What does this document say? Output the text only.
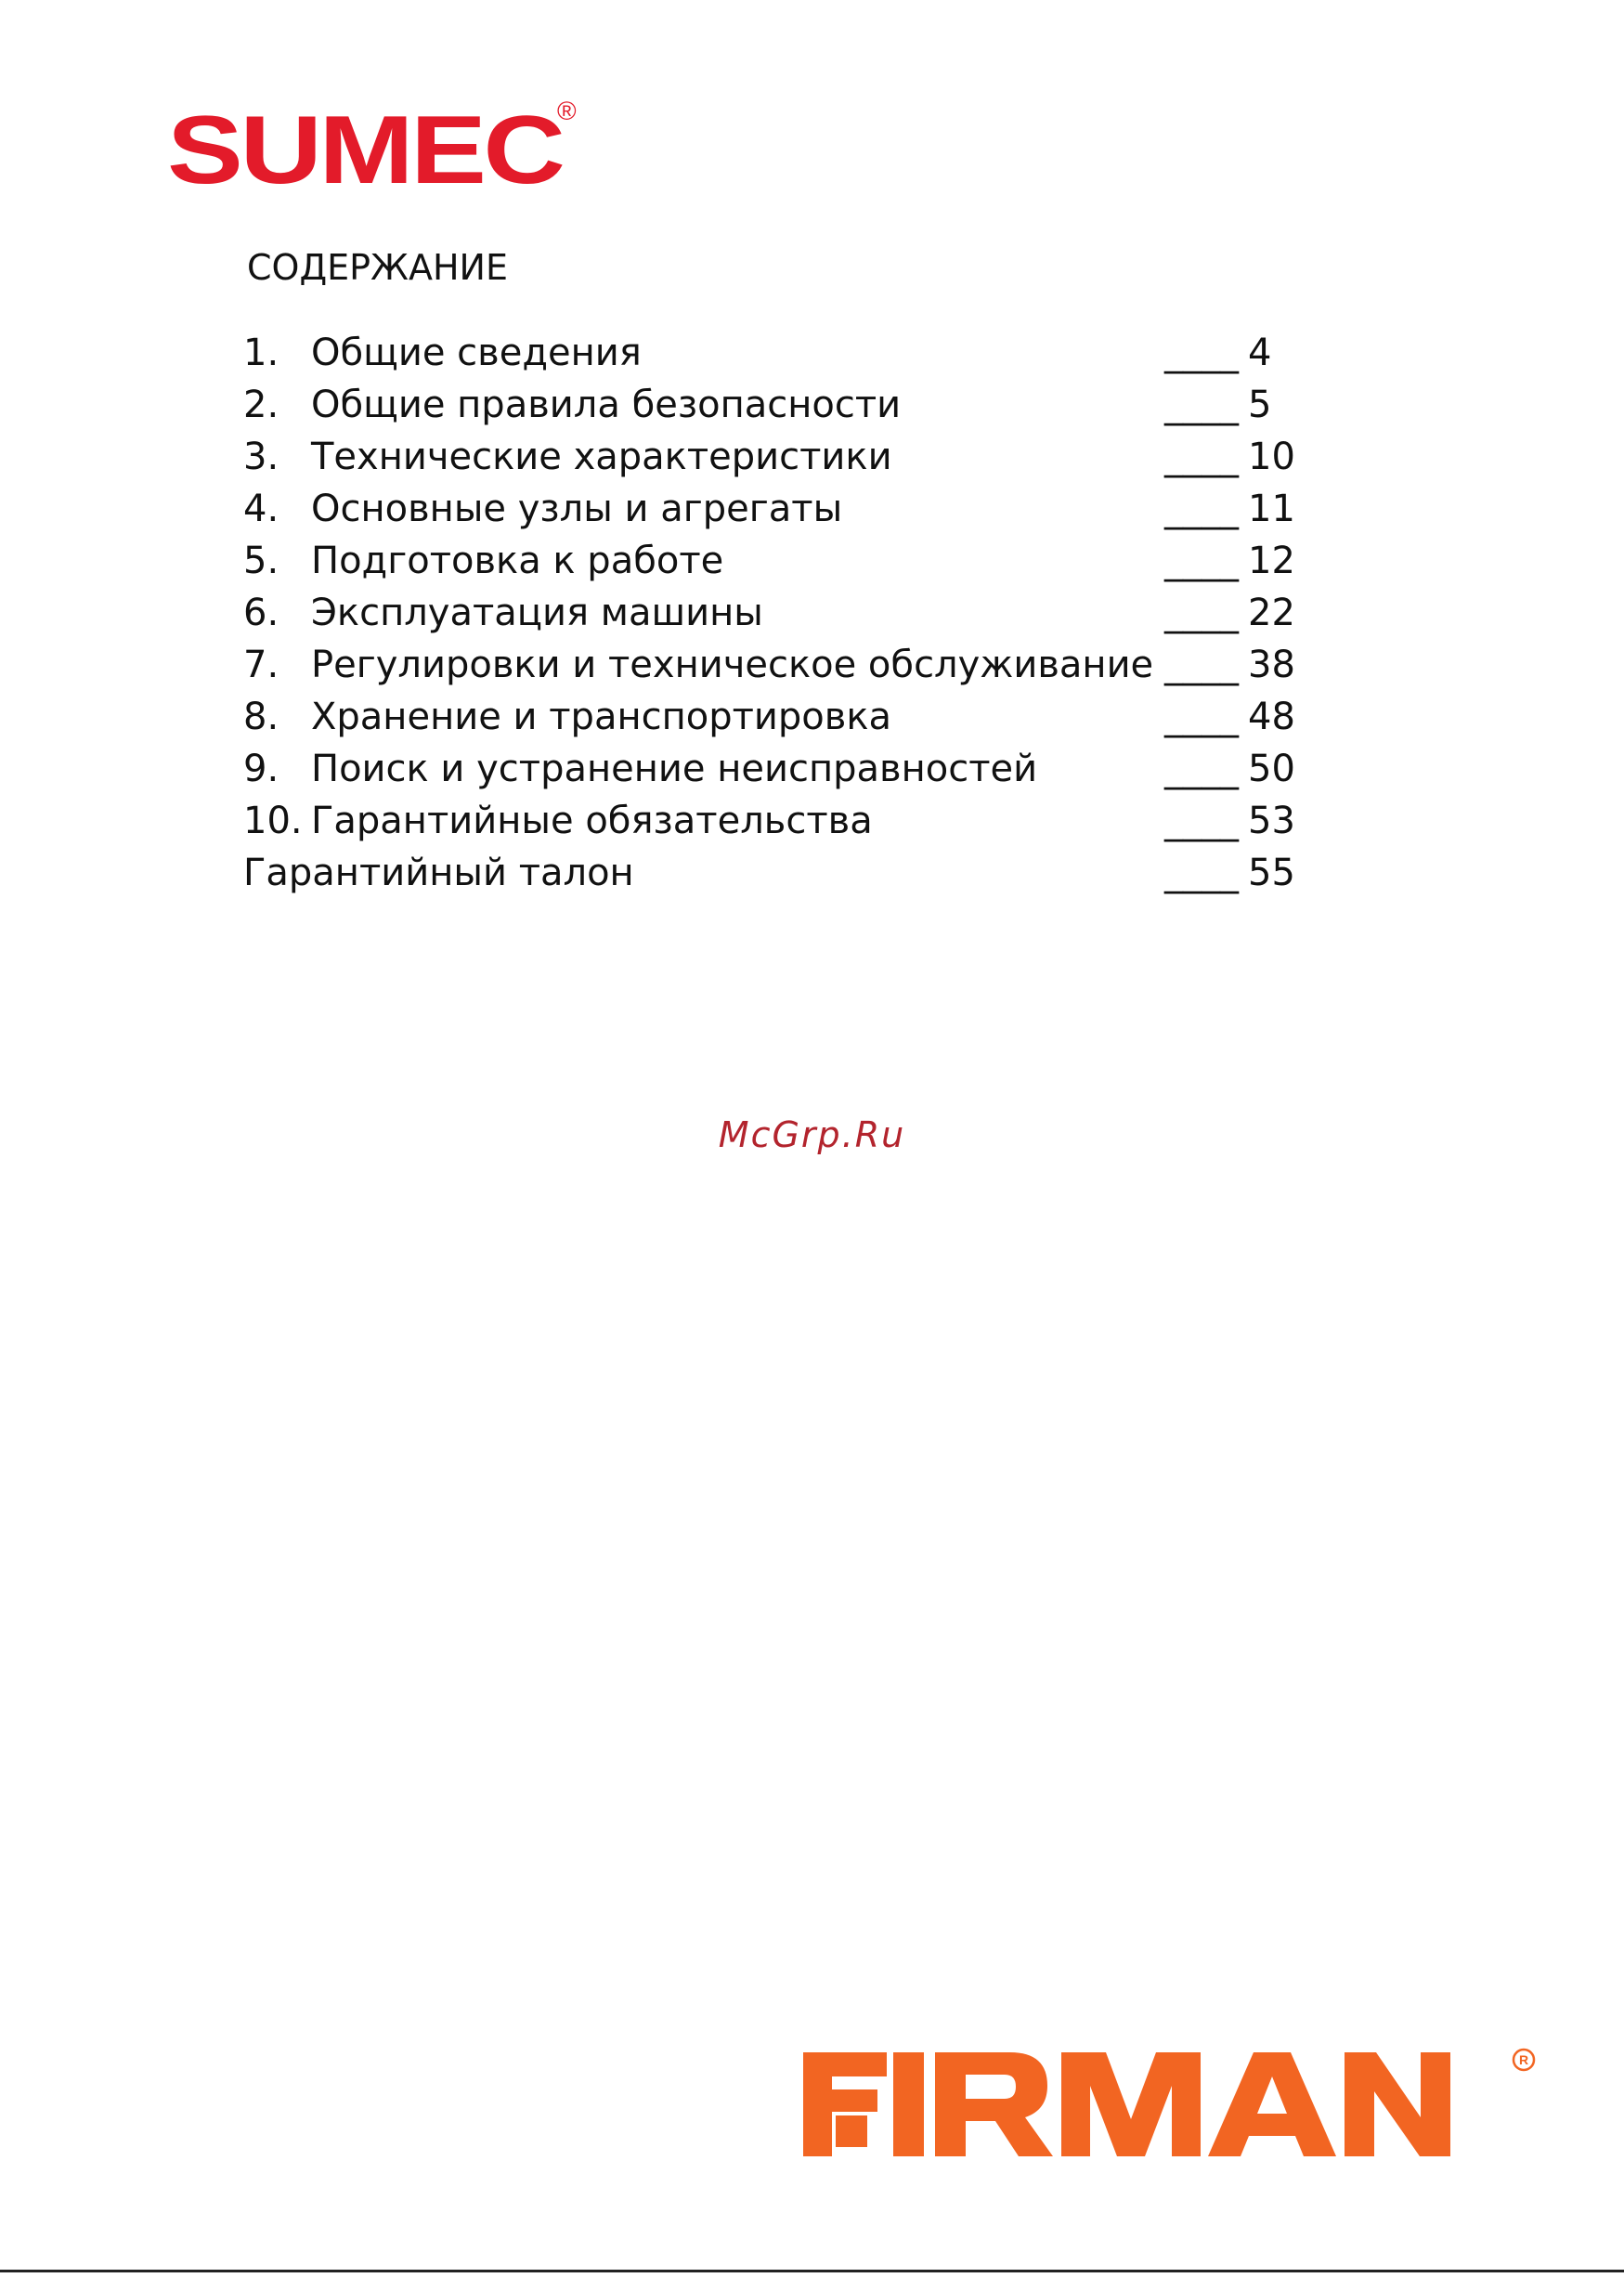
SUMEC
®
СОДЕРЖАНИЕ
1. Общие сведения	____ 4
2. Общие правила безопасности	____ 5
3. Технические характеристики	____ 10
4. Основные узлы и агрегаты	____ 11
5. Подготовка к работе	____ 12
6. Эксплуатация машины	____ 22
7. Регулировки и техническое обслуживание ____ 38
8. Хранение и транспортировка	____ 48
9. Поиск и устранение неисправностей	____ 50
10. Гарантийные обязательства	____ 53
Гарантийный талон	____ 55
McGrp.Ru
R
